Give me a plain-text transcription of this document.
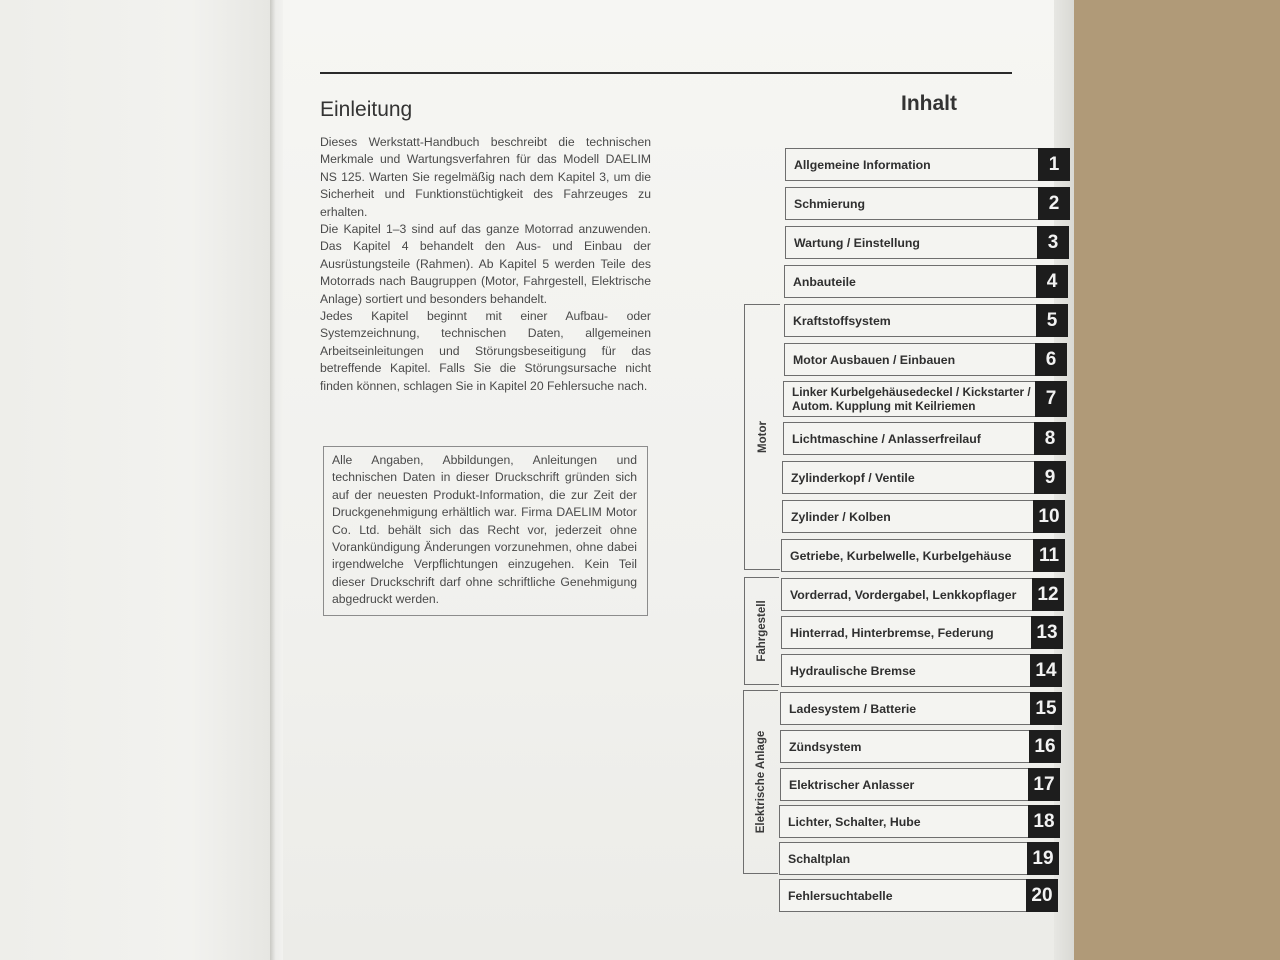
Einleitung

Dieses Werkstatt-Handbuch beschreibt die technischen Merkmale und Wartungsverfahren für das Modell DAELIM NS 125. Warten Sie regelmäßig nach dem Kapitel 3, um die Sicherheit und Funktionstüchtigkeit des Fahrzeuges zu erhalten.

Die Kapitel 1–3 sind auf das ganze Motorrad anzuwenden. Das Kapitel 4 behandelt den Aus- und Einbau der Ausrüstungsteile (Rahmen). Ab Kapitel 5 werden Teile des Motorrads nach Baugruppen (Motor, Fahrgestell, Elektrische Anlage) sortiert und besonders behandelt.

Jedes Kapitel beginnt mit einer Aufbau- oder Systemzeichnung, technischen Daten, allgemeinen Arbeitseinleitungen und Störungsbeseitigung für das betreffende Kapitel. Falls Sie die Störungsursache nicht finden können, schlagen Sie in Kapitel 20 Fehlersuche nach.

Alle Angaben, Abbildungen, Anleitungen und technischen Daten in dieser Druckschrift gründen sich auf der neuesten Produkt-Information, die zur Zeit der Druckgenehmigung erhältlich war. Firma DAELIM Motor Co. Ltd. behält sich das Recht vor, jederzeit ohne Vorankündigung Änderungen vorzunehmen, ohne dabei irgendwelche Verpflichtungen einzugehen. Kein Teil dieser Druckschrift darf ohne schriftliche Genehmigung abgedruckt werden.
Inhalt
Motor
Fahrgestell
Elektrische Anlage
Allgemeine Information	1
Schmierung	2
Wartung / Einstellung	3
Anbauteile	4
Kraftstoffsystem	5
Motor Ausbauen / Einbauen	6
Linker Kurbelgehäusedeckel / Kickstarter / Autom. Kupplung mit Keilriemen	7
Lichtmaschine / Anlasserfreilauf	8
Zylinderkopf / Ventile	9
Zylinder / Kolben	10
Getriebe, Kurbelwelle, Kurbelgehäuse	11
Vorderrad, Vordergabel, Lenkkopflager	12
Hinterrad, Hinterbremse, Federung	13
Hydraulische Bremse	14
Ladesystem / Batterie	15
Zündsystem	16
Elektrischer Anlasser	17
Lichter, Schalter, Hube	18
Schaltplan	19
Fehlersuchtabelle	20
